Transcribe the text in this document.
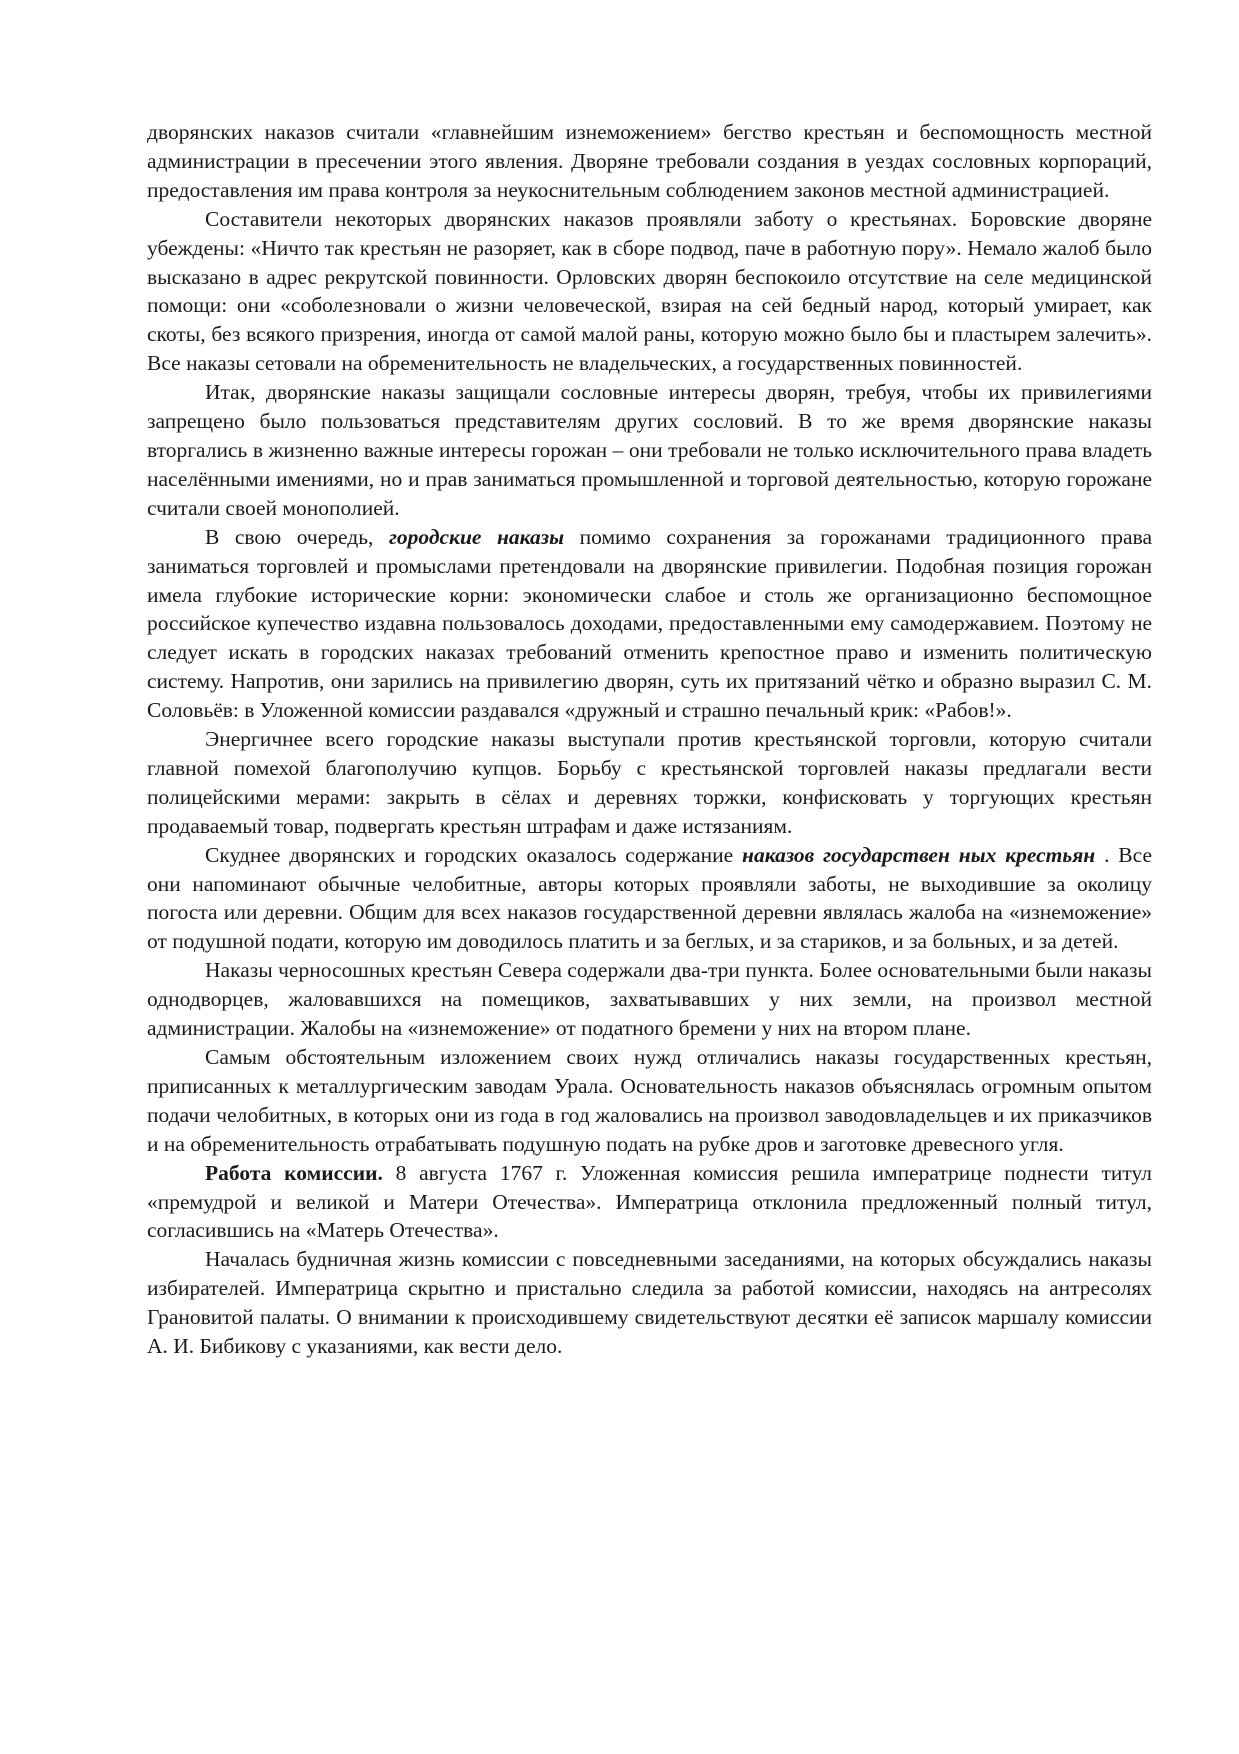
дворянских наказов считали «главнейшим изнеможением» бегство крестьян и беспомощность местной администрации в пресечении этого явления. Дворяне требовали создания в уездах сословных корпораций, предоставления им права контроля за неукоснительным соблюдением законов местной администрацией.

Составители некоторых дворянских наказов проявляли заботу о крестьянах. Боровские дворяне убеждены: «Ничто так крестьян не разоряет, как в сборе подвод, паче в работную пору». Немало жалоб было высказано в адрес рекрутской повинности. Орловских дворян беспокоило отсутствие на селе медицинской помощи: они «соболезновали о жизни человеческой, взирая на сей бедный народ, который умирает, как скоты, без всякого призрения, иногда от самой малой раны, которую можно было бы и пластырем залечить». Все наказы сетовали на обременительность не владельческих, а государственных повинностей.

Итак, дворянские наказы защищали сословные интересы дворян, требуя, чтобы их привилегиями запрещено было пользоваться представителям других сословий. В то же время дворянские наказы вторгались в жизненно важные интересы горожан – они требовали не только исключительного права владеть населёнными имениями, но и прав заниматься промышленной и торговой деятельностью, которую горожане считали своей монополией.

В свою очередь, городские наказы помимо сохранения за горожанами традиционного права заниматься торговлей и промыслами претендовали на дворянские привилегии. Подобная позиция горожан имела глубокие исторические корни: экономически слабое и столь же организационно беспомощное российское купечество издавна пользовалось доходами, предоставленными ему самодержавием. Поэтому не следует искать в городских наказах требований отменить крепостное право и изменить политическую систему. Напротив, они зарились на привилегию дворян, суть их притязаний чётко и образно выразил С. М. Соловьёв: в Уложенной комиссии раздавался «дружный и страшно печальный крик: «Рабов!».

Энергичнее всего городские наказы выступали против крестьянской торговли, которую считали главной помехой благополучию купцов. Борьбу с крестьянской торговлей наказы предлагали вести полицейскими мерами: закрыть в сёлах и деревнях торжки, конфисковать у торгующих крестьян продаваемый товар, подвергать крестьян штрафам и даже истязаниям.

Скуднее дворянских и городских оказалось содержание наказов государствен ных крестьян . Все они напоминают обычные челобитные, авторы которых проявляли заботы, не выходившие за околицу погоста или деревни. Общим для всех наказов государственной деревни являлась жалоба на «изнеможение» от подушной подати, которую им доводилось платить и за беглых, и за стариков, и за больных, и за детей.

Наказы черносошных крестьян Севера содержали два-три пункта. Более основательными были наказы однодворцев, жаловавшихся на помещиков, захватывавших у них земли, на произвол местной администрации. Жалобы на «изнеможение» от податного бремени у них на втором плане.

Самым обстоятельным изложением своих нужд отличались наказы государственных крестьян, приписанных к металлургическим заводам Урала. Основательность наказов объяснялась огромным опытом подачи челобитных, в которых они из года в год жаловались на произвол заводовладельцев и их приказчиков и на обременительность отрабатывать подушную подать на рубке дров и заготовке древесного угля.

Работа комиссии. 8 августа 1767 г. Уложенная комиссия решила императрице поднести титул «премудрой и великой и Матери Отечества». Императрица отклонила предложенный полный титул, согласившись на «Матерь Отечества».

Началась будничная жизнь комиссии с повседневными заседаниями, на которых обсуждались наказы избирателей. Императрица скрытно и пристально следила за работой комиссии, находясь на антресолях Грановитой палаты. О внимании к происходившему свидетельствуют десятки её записок маршалу комиссии А. И. Бибикову с указаниями, как вести дело.
